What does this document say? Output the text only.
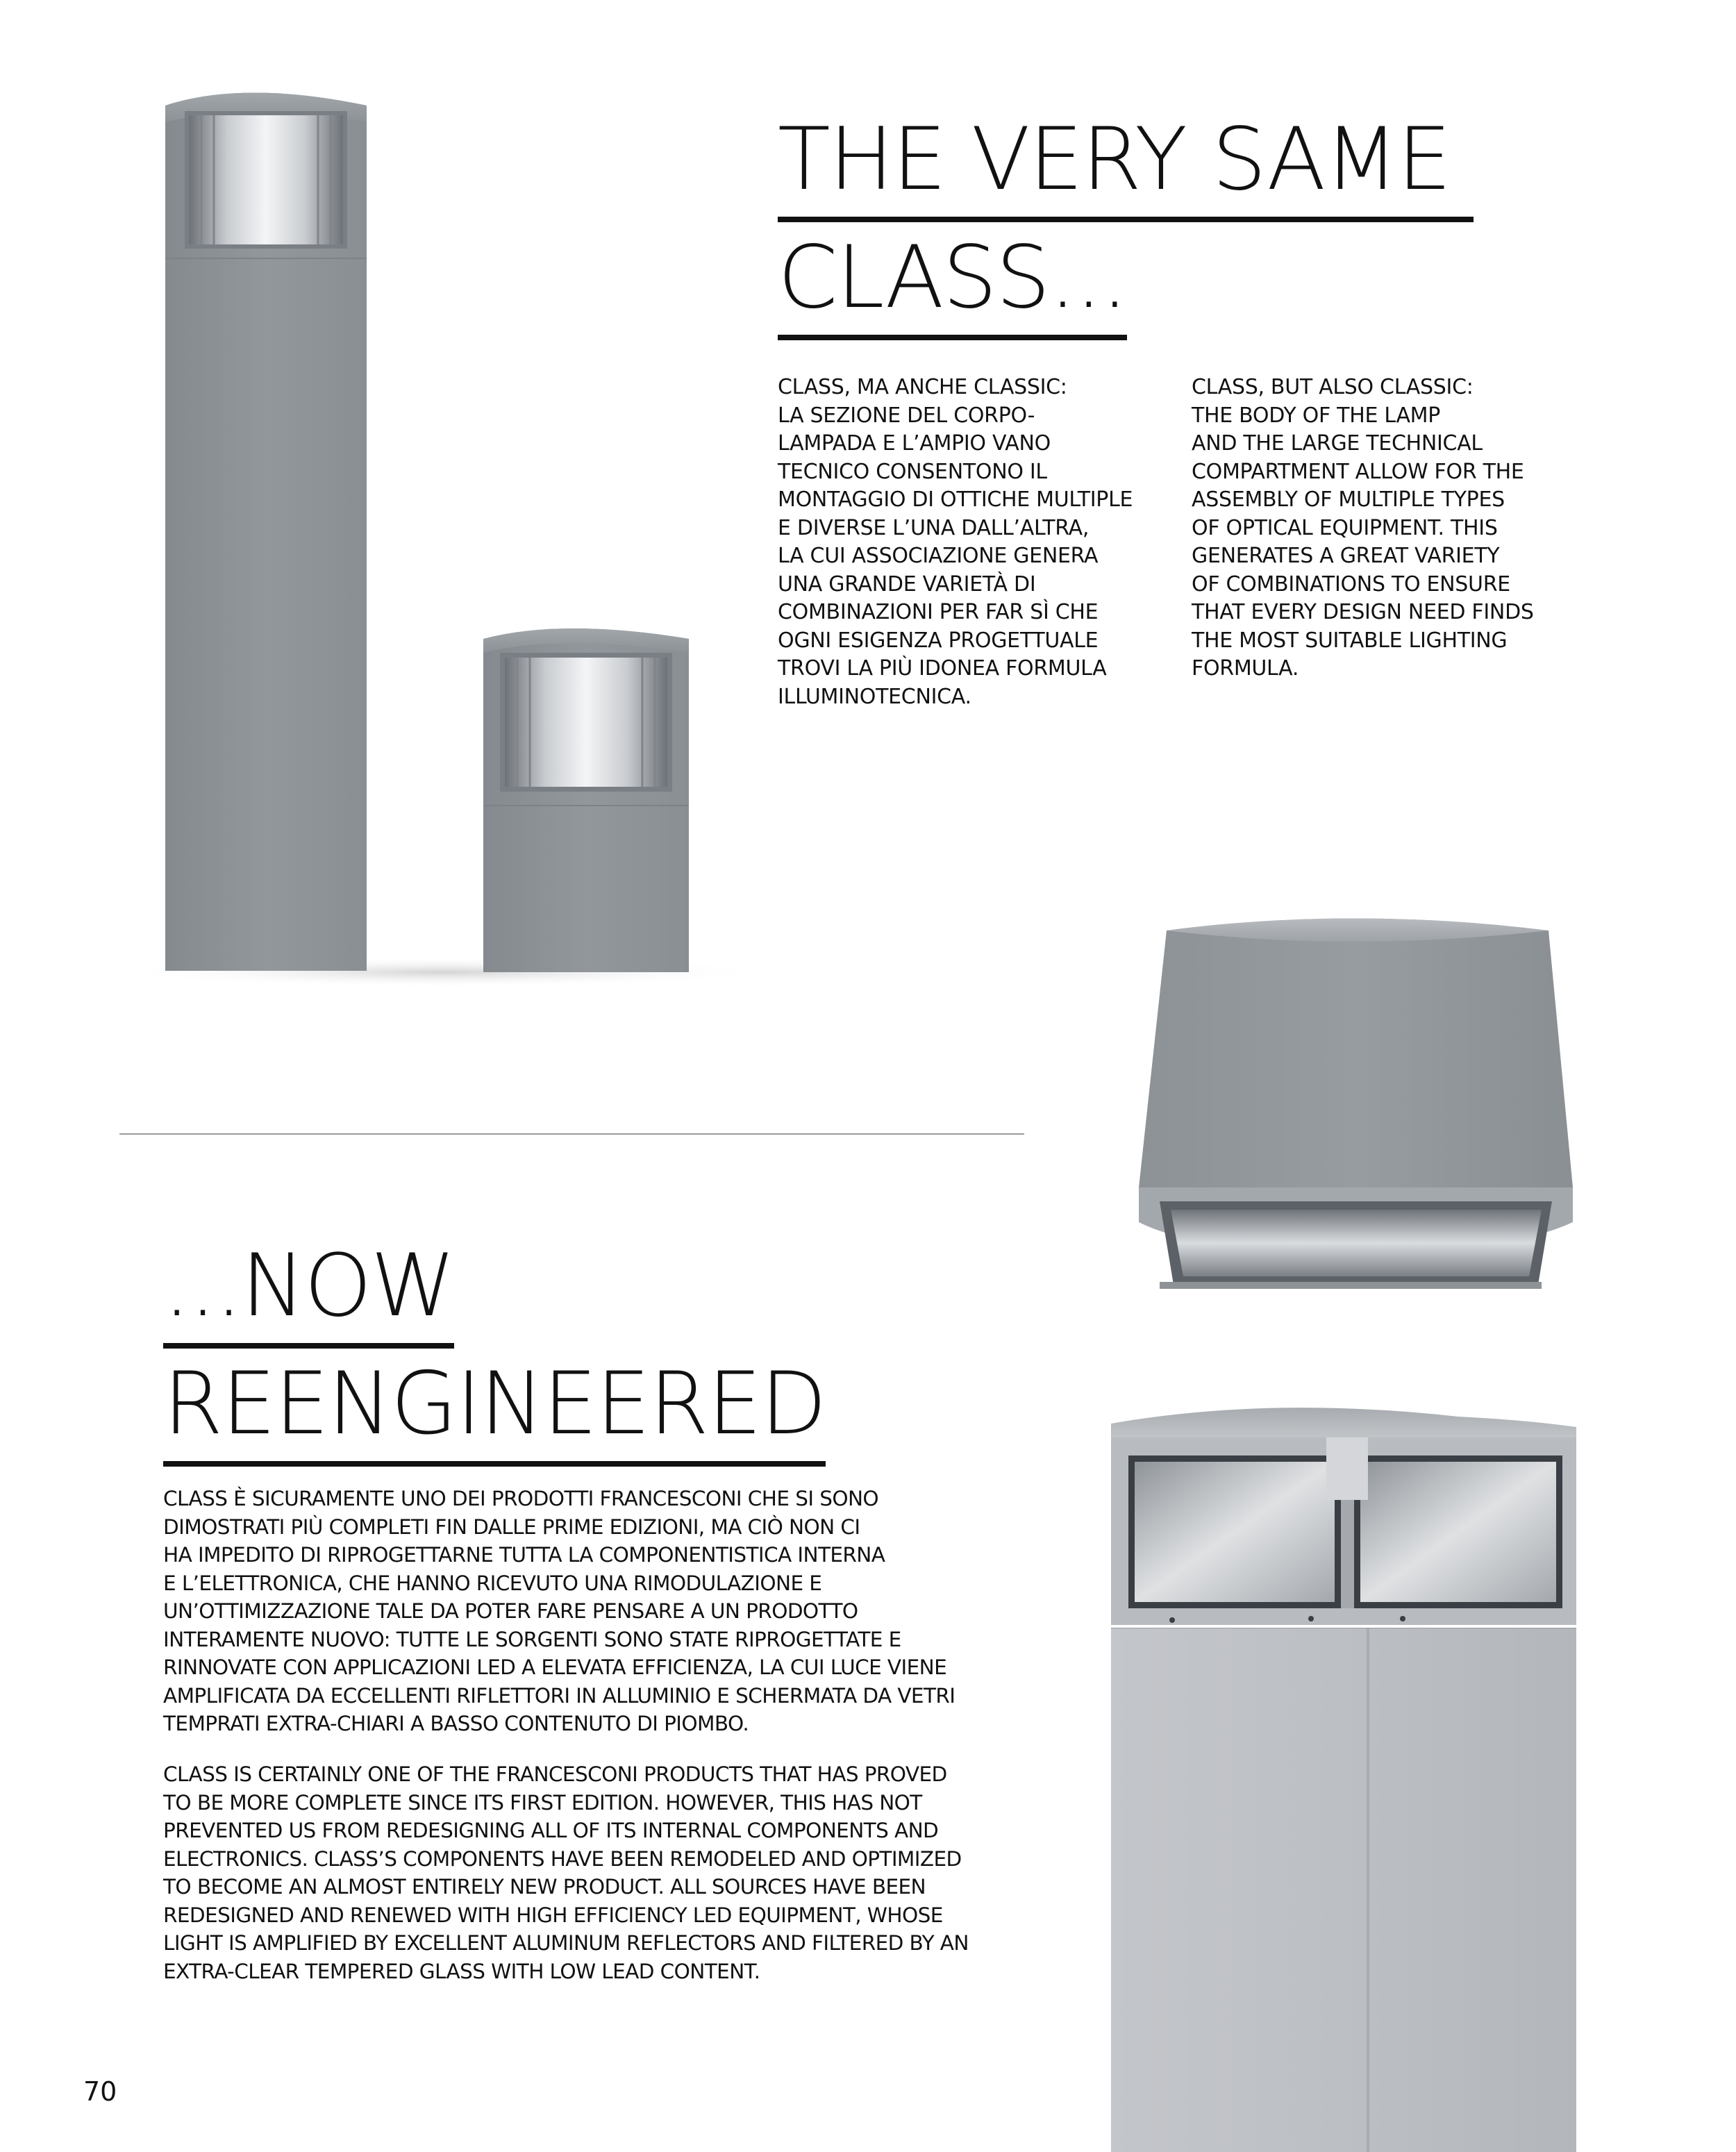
THE VERY SAME
CLASS...

CLASS, MA ANCHE CLASSIC:
LA SEZIONE DEL CORPO-
LAMPADA E L’AMPIO VANO
TECNICO CONSENTONO IL
MONTAGGIO DI OTTICHE MULTIPLE
E DIVERSE L’UNA DALL’ALTRA,
LA CUI ASSOCIAZIONE GENERA
UNA GRANDE VARIETÀ DI
COMBINAZIONI PER FAR SÌ CHE
OGNI ESIGENZA PROGETTUALE
TROVI LA PIÙ IDONEA FORMULA
ILLUMINOTECNICA.

CLASS, BUT ALSO CLASSIC:
THE BODY OF THE LAMP
AND THE LARGE TECHNICAL
COMPARTMENT ALLOW FOR THE
ASSEMBLY OF MULTIPLE TYPES
OF OPTICAL EQUIPMENT. THIS
GENERATES A GREAT VARIETY
OF COMBINATIONS TO ENSURE
THAT EVERY DESIGN NEED FINDS
THE MOST SUITABLE LIGHTING
FORMULA.

...NOW
REENGINEERED

CLASS È SICURAMENTE UNO DEI PRODOTTI FRANCESCONI CHE SI SONO
DIMOSTRATI PIÙ COMPLETI FIN DALLE PRIME EDIZIONI, MA CIÒ NON CI
HA IMPEDITO DI RIPROGETTARNE TUTTA LA COMPONENTISTICA INTERNA
E L’ELETTRONICA, CHE HANNO RICEVUTO UNA RIMODULAZIONE E
UN’OTTIMIZZAZIONE TALE DA POTER FARE PENSARE A UN PRODOTTO
INTERAMENTE NUOVO: TUTTE LE SORGENTI SONO STATE RIPROGETTATE E
RINNOVATE CON APPLICAZIONI LED A ELEVATA EFFICIENZA, LA CUI LUCE VIENE
AMPLIFICATA DA ECCELLENTI RIFLETTORI IN ALLUMINIO E SCHERMATA DA VETRI
TEMPRATI EXTRA-CHIARI A BASSO CONTENUTO DI PIOMBO.

CLASS IS CERTAINLY ONE OF THE FRANCESCONI PRODUCTS THAT HAS PROVED
TO BE MORE COMPLETE SINCE ITS FIRST EDITION. HOWEVER, THIS HAS NOT
PREVENTED US FROM REDESIGNING ALL OF ITS INTERNAL COMPONENTS AND
ELECTRONICS. CLASS’S COMPONENTS HAVE BEEN REMODELED AND OPTIMIZED
TO BECOME AN ALMOST ENTIRELY NEW PRODUCT. ALL SOURCES HAVE BEEN
REDESIGNED AND RENEWED WITH HIGH EFFICIENCY LED EQUIPMENT, WHOSE
LIGHT IS AMPLIFIED BY EXCELLENT ALUMINUM REFLECTORS AND FILTERED BY AN
EXTRA-CLEAR TEMPERED GLASS WITH LOW LEAD CONTENT.

70
